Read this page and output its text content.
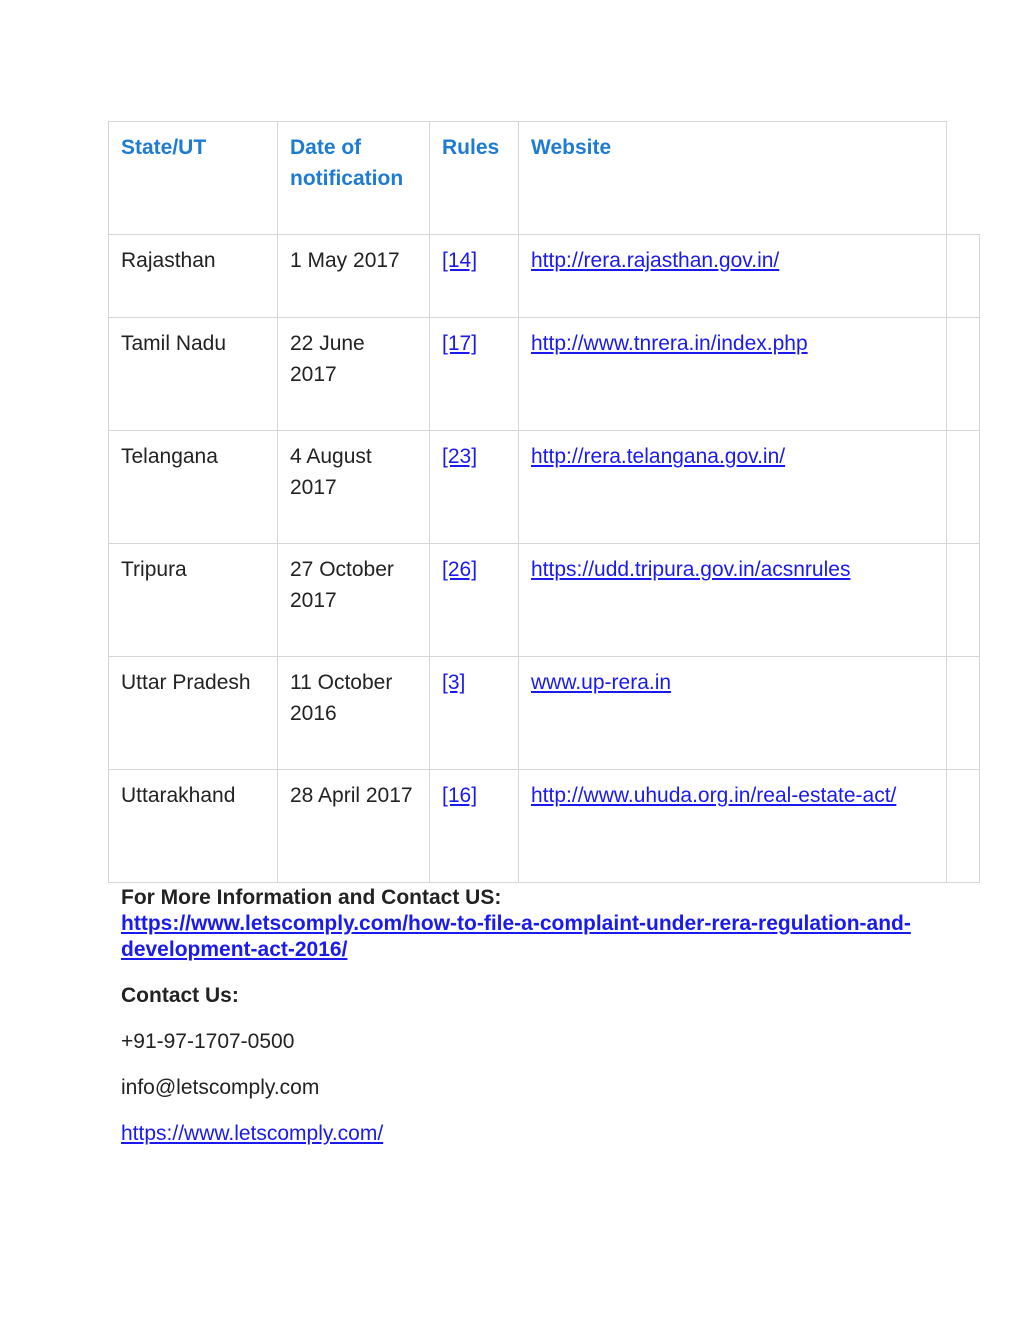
State/UT	Date of notification	Rules	Website	
Rajasthan	1 May 2017	[14]	http://rera.rajasthan.gov.in/	
Tamil Nadu	22 June 2017	[17]	http://www.tnrera.in/index.php	
Telangana	4 August 2017	[23]	http://rera.telangana.gov.in/	
Tripura	27 October 2017	[26]	https://udd.tripura.gov.in/acsnrules	
Uttar Pradesh	11 October 2016	[3]	www.up-rera.in	
Uttarakhand	28 April 2017	[16]	http://www.uhuda.org.in/real-estate-act/	
For More Information and Contact US:
https://www.letscomply.com/how-to-file-a-complaint-under-rera-regulation-and-development-act-2016/
Contact Us:
+91-97-1707-0500
info@letscomply.com
https://www.letscomply.com/
